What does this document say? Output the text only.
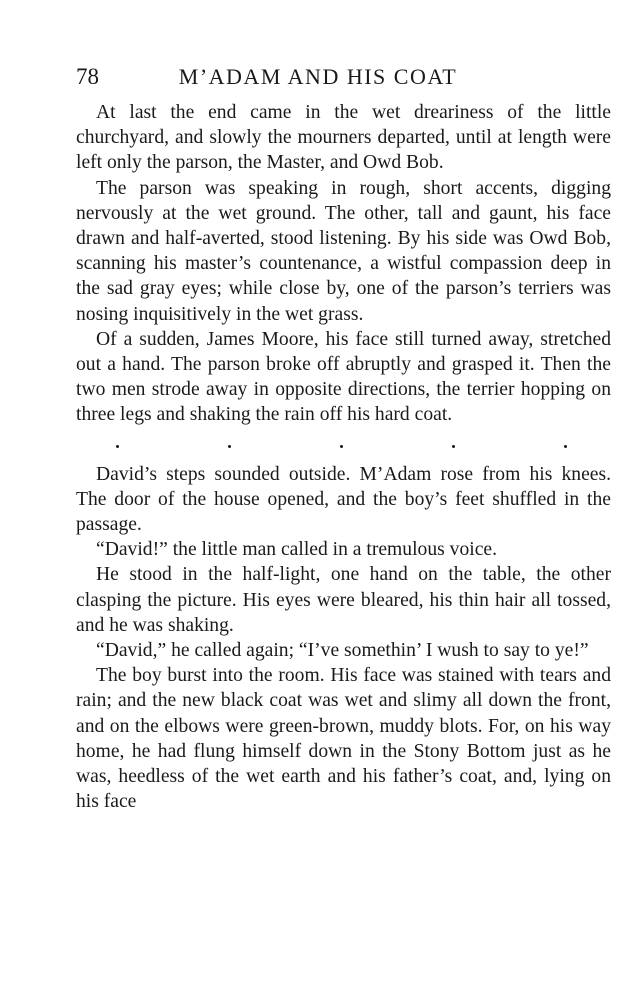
78	M’ADAM AND HIS COAT

At last the end came in the wet dreariness of the little churchyard, and slowly the mourners departed, until at length were left only the parson, the Master, and Owd Bob.

The parson was speaking in rough, short accents, digging nervously at the wet ground. The other, tall and gaunt, his face drawn and half-averted, stood listening. By his side was Owd Bob, scanning his master’s countenance, a wistful compassion deep in the sad gray eyes; while close by, one of the parson’s terriers was nosing inquisitively in the wet grass.

Of a sudden, James Moore, his face still turned away, stretched out a hand. The parson broke off abruptly and grasped it. Then the two men strode away in opposite directions, the terrier hopping on three legs and shaking the rain off his hard coat.

David’s steps sounded outside. M’Adam rose from his knees. The door of the house opened, and the boy’s feet shuffled in the passage.

“David!” the little man called in a tremulous voice.

He stood in the half-light, one hand on the table, the other clasping the picture. His eyes were bleared, his thin hair all tossed, and he was shaking.

“David,” he called again; “I’ve somethin’ I wush to say to ye!”

The boy burst into the room. His face was stained with tears and rain; and the new black coat was wet and slimy all down the front, and on the elbows were green-brown, muddy blots. For, on his way home, he had flung himself down in the Stony Bottom just as he was, heedless of the wet earth and his father’s coat, and, lying on his face
